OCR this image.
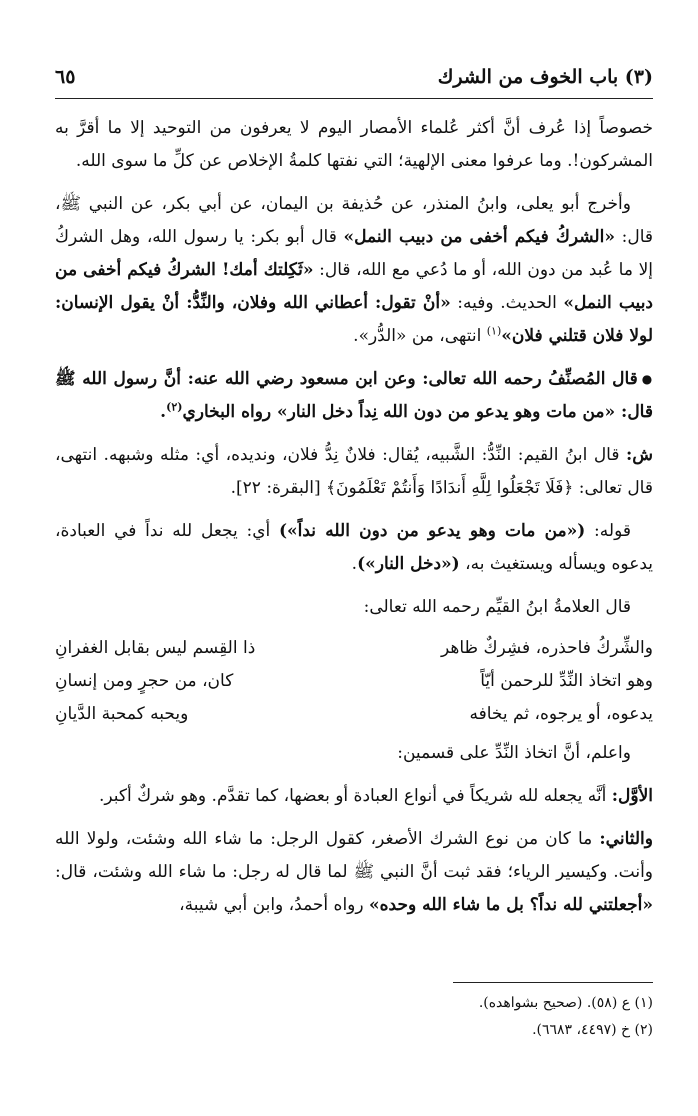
(٣) باب الخوف من الشرك
٦٥

خصوصاً إذا عُرف أنَّ أكثر عُلماء الأمصار اليوم لا يعرفون من التوحيد إلا ما أقرَّ به المشركون!. وما عرفوا معنى الإلهية؛ التي نفتها كلمةُ الإخلاص عن كلِّ ما سوى الله.

وأخرج أبو يعلى، وابنُ المنذر، عن حُذيفة بن اليمان، عن أبي بكر، عن النبي ﷺ، قال: «الشركُ فيكم أخفى من دبيب النمل» قال أبو بكر: يا رسول الله، وهل الشركُ إلا ما عُبد من دون الله، أو ما دُعي مع الله، قال: «ثَكِلتك أمك! الشركُ فيكم أخفى من دبيب النمل» الحديث. وفيه: «أنْ تقول: أعطاني الله وفلان، والنِّدُّ: أنْ يقول الإنسان: لولا فلان قتلني فلان»$^{(١)}$ انتهى، من «الدُّر».

●قال المُصنِّفُ رحمه الله تعالى: وعن ابن مسعود رضي الله عنه: أنَّ رسول الله ﷺ قال: «من مات وهو يدعو من دون الله نِداً دخل النار» رواه البخاري$^{(٢)}$.

ش: قال ابنُ القيم: النِّدُّ: الشَّبيه، يُقال: فلانٌ نِدُّ فلان، ونديده، أي: مثله وشبهه. انتهى، قال تعالى: ﴿فَلَا تَجْعَلُوا لِلَّهِ أَندَادًا وَأَنتُمْ تَعْلَمُونَ﴾ [البقرة: ٢٢].

قوله: («من مات وهو يدعو من دون الله نداً») أي: يجعل لله نداً في العبادة، يدعوه ويسأله ويستغيث به، («دخل النار»).

قال العلامةُ ابنُ القيِّم رحمه الله تعالى:

والشِّركُ فاحذره، فشِركٌ ظاهر	ذا القِسم ليس بقابل الغفرانِ
وهو اتخاذ النِّدِّ للرحمن أيّاً	كان، من حجرٍ ومن إنسانِ
يدعوه، أو يرجوه، ثم يخافه	ويحبه كمحبة الدَّيانِ

واعلم، أنَّ اتخاذ النِّدِّ على قسمين:

الأوَّل: أنَّه يجعله لله شريكاً في أنواع العبادة أو بعضها، كما تقدَّم. وهو شركٌ أكبر.

والثاني: ما كان من نوع الشرك الأصغر، كقول الرجل: ما شاء الله وشئت، ولولا الله وأنت. وكيسير الرياء؛ فقد ثبت أنَّ النبي ﷺ لما قال له رجل: ما شاء الله وشئت، قال: «أجعلتني لله نداً؟ بل ما شاء الله وحده» رواه أحمدُ، وابن أبي شيبة،

(١) ع (٥٨). (صحيح بشواهده).
(٢) خ (٤٤٩٧، ٦٦٨٣).
